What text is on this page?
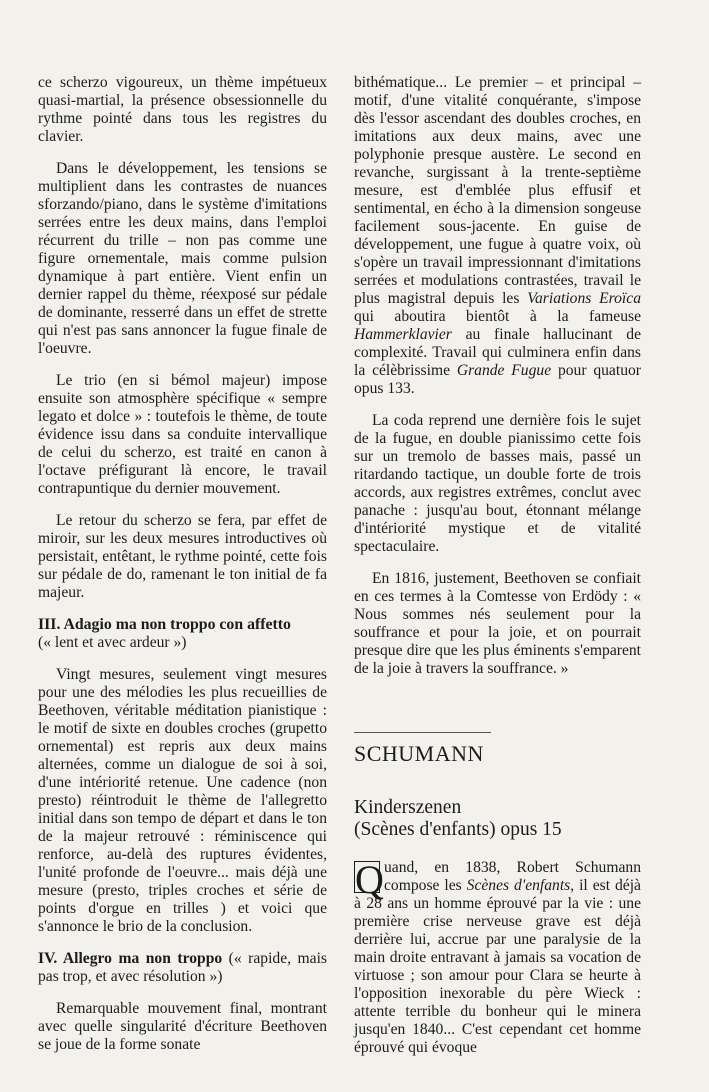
ce scherzo vigoureux, un thème impétueux quasi-martial, la présence obsessionnelle du rythme pointé dans tous les registres du clavier.

Dans le développement, les tensions se multiplient dans les contrastes de nuances sforzando/piano, dans le système d'imitations serrées entre les deux mains, dans l'emploi récurrent du trille – non pas comme une figure ornementale, mais comme pulsion dynamique à part entière. Vient enfin un dernier rappel du thème, réexposé sur pédale de dominante, resserré dans un effet de strette qui n'est pas sans annoncer la fugue finale de l'oeuvre.

Le trio (en si bémol majeur) impose ensuite son atmosphère spécifique « sempre legato et dolce » : toutefois le thème, de toute évidence issu dans sa conduite intervallique de celui du scherzo, est traité en canon à l'octave préfigurant là encore, le travail contrapuntique du dernier mouvement.

Le retour du scherzo se fera, par effet de miroir, sur les deux mesures introductives où persistait, entêtant, le rythme pointé, cette fois sur pédale de do, ramenant le ton initial de fa majeur.

III. Adagio ma non troppo con affetto
(« lent et avec ardeur »)

Vingt mesures, seulement vingt mesures pour une des mélodies les plus recueillies de Beethoven, véritable méditation pianistique : le motif de sixte en doubles croches (grupetto ornemental) est repris aux deux mains alternées, comme un dialogue de soi à soi, d'une intériorité retenue. Une cadence (non presto) réintroduit le thème de l'allegretto initial dans son tempo de départ et dans le ton de la majeur retrouvé : réminiscence qui renforce, au-delà des ruptures évidentes, l'unité profonde de l'oeuvre... mais déjà une mesure (presto, triples croches et série de points d'orgue en trilles ) et voici que s'annonce le brio de la conclusion.

IV. Allegro ma non troppo (« rapide, mais pas trop, et avec résolution »)

Remarquable mouvement final, montrant avec quelle singularité d'écriture Beethoven se joue de la forme sonate

bithématique... Le premier – et principal – motif, d'une vitalité conquérante, s'impose dès l'essor ascendant des doubles croches, en imitations aux deux mains, avec une polyphonie presque austère. Le second en revanche, surgissant à la trente-septième mesure, est d'emblée plus effusif et sentimental, en écho à la dimension songeuse facilement sous-jacente. En guise de développement, une fugue à quatre voix, où s'opère un travail impressionnant d'imitations serrées et modulations contrastées, travail le plus magistral depuis les Variations Eroïca qui aboutira bientôt à la fameuse Hammerklavier au finale hallucinant de complexité. Travail qui culminera enfin dans la célèbrissime Grande Fugue pour quatuor opus 133.

La coda reprend une dernière fois le sujet de la fugue, en double pianissimo cette fois sur un tremolo de basses mais, passé un ritardando tactique, un double forte de trois accords, aux registres extrêmes, conclut avec panache : jusqu'au bout, étonnant mélange d'intériorité mystique et de vitalité spectaculaire.

En 1816, justement, Beethoven se confiait en ces termes à la Comtesse von Erdödy : « Nous sommes nés seulement pour la souffrance et pour la joie, et on pourrait presque dire que les plus éminents s'emparent de la joie à travers la souffrance. »

SCHUMANN
Kinderszenen
(Scènes d'enfants) opus 15

Q uand, en 1838, Robert Schumann compose les Scènes d'enfants, il est déjà à 28 ans un homme éprouvé par la vie : une première crise nerveuse grave est déjà derrière lui, accrue par une paralysie de la main droite entravant à jamais sa vocation de virtuose ; son amour pour Clara se heurte à l'opposition inexorable du père Wieck : attente terrible du bonheur qui le minera jusqu'en 1840... C'est cependant cet homme éprouvé qui évoque
